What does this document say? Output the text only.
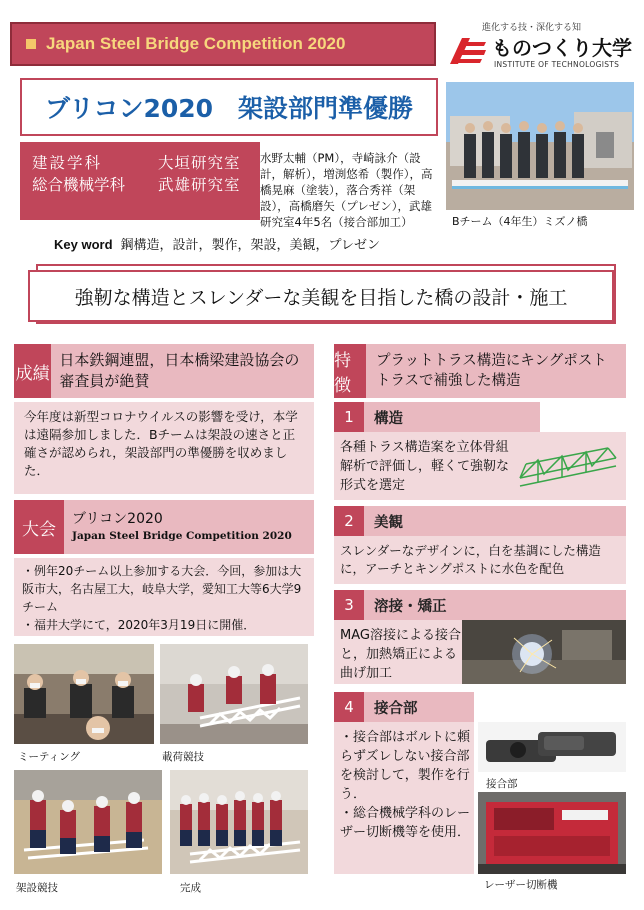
Japan Steel Bridge Competition 2020
進化する技・深化する知
ものつくり大学
INSTITUTE OF TECHNOLOGISTS
ブリコン2020　架設部門準優勝
建設学科	大垣研究室
総合機械学科	武雄研究室
水野太輔（PM），寺崎詠介（設計，解析），増渕悠希（製作），高橋晃麻（塗装），落合秀祥（架設），高橋磨矢（プレゼン），武雄研究室4年5名（接合部加工）	Bチーム（4年生）ミズノ橋
Key word 鋼構造，設計，製作，架設，美観，プレゼン
強靭な構造とスレンダーな美観を目指した橋の設計・施工
成績
日本鉄鋼連盟，日本橋梁建設協会の審査員が絶賛
今年度は新型コロナウイルスの影響を受け，本学は遠隔参加しました．Bチームは架設の速さと正確さが認められ，架設部門の準優勝を収めました．
大会
ブリコン2020
Japan Steel Bridge Competition 2020
・例年20チーム以上参加する大会．今回，参加は大阪市大，名古屋工大，岐阜大学，愛知工大等6大学9チーム
・福井大学にて，2020年3月19日に開催．
ミーティング	載荷競技
架設競技	完成
特徴
プラットトラス構造にキングポストトラスで補強した構造
1	構造
各種トラス構造案を立体骨組解析で評価し，軽くて強靭な形式を選定
2	美観
スレンダーなデザインに，白を基調にした構造に，アーチとキングポストに水色を配色
3	溶接・矯正
MAG溶接による接合と，加熱矯正による曲げ加工
4	接合部
・接合部はボルトに頼らずズレしない接合部を検討して，製作を行う．
・総合機械学科のレーザー切断機等を使用．
接合部
レーザー切断機
